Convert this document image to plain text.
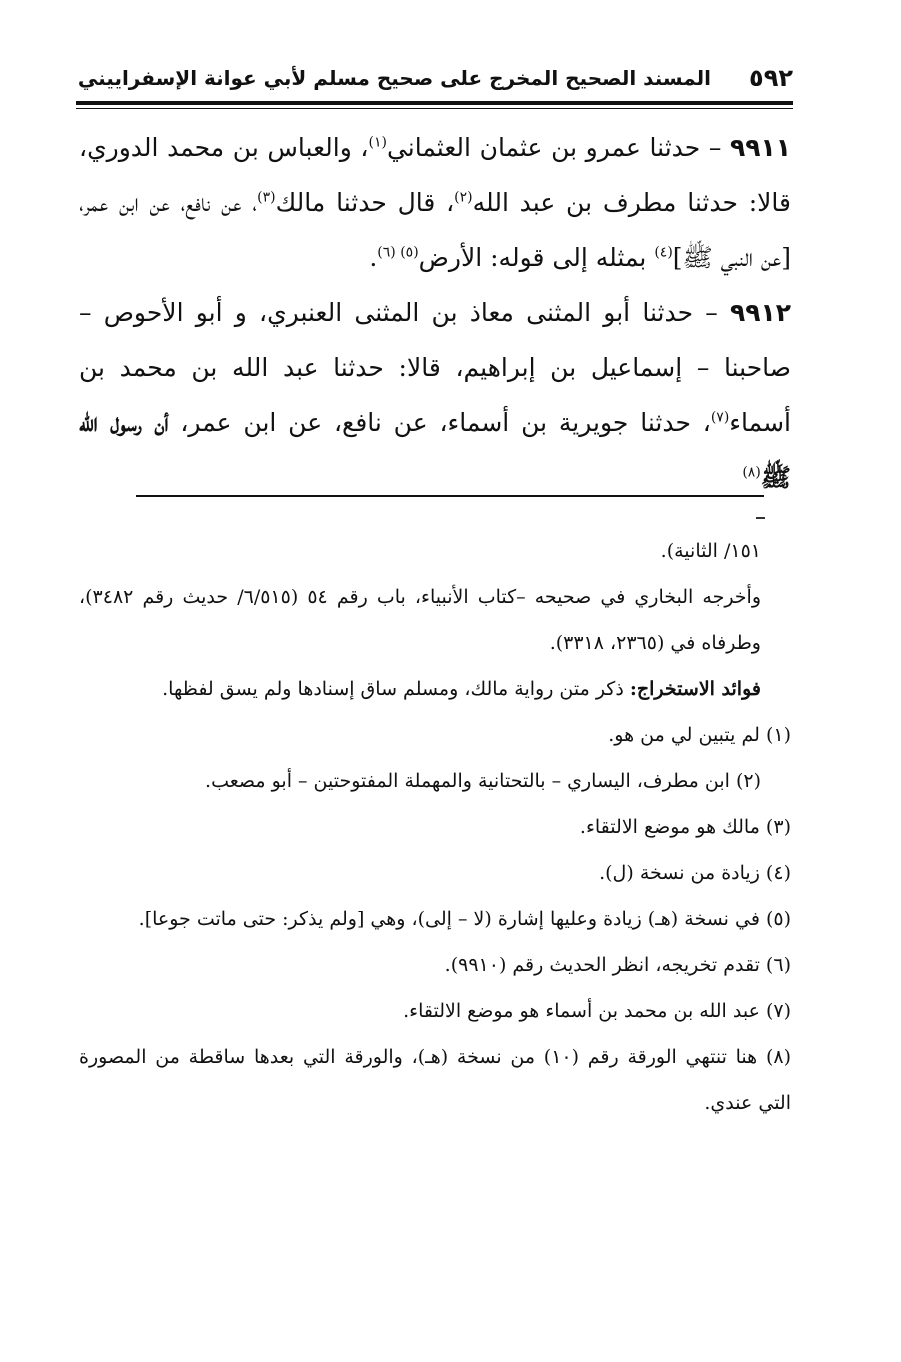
٥٩٢
المسند الصحيح المخرج على صحيح مسلم لأبي عوانة الإسفراييني

٩٩١١ – حدثنا عمرو بن عثمان العثماني$^{(١)}$، والعباس بن محمد الدوري، قالا: حدثنا مطرف بن عبد الله$^{(٢)}$، قال حدثنا مالك$^{(٣)}$، عن نافع، عن ابن عمر، [عن النبي ﷺ]$^{(٤)}$ بمثله إلى قوله: الأرض$^{(٥) (٦)}$.

٩٩١٢ – حدثنا أبو المثنى معاذ بن المثنى العنبري، و أبو الأحوص – صاحبنا – إسماعيل بن إبراهيم، قالا: حدثنا عبد الله بن محمد بن أسماء$^{(٧)}$، حدثنا جويرية بن أسماء، عن نافع، عن ابن عمر، أن رسول الله ﷺ$^{(٨)}$

١٥١/ الثانية).

وأخرجه البخاري في صحيحه –كتاب الأنبياء، باب رقم ٥٤ (٦/٥١٥/ حديث رقم ٣٤٨٢)، وطرفاه في (٢٣٦٥، ٣٣١٨).

فوائد الاستخراج: ذكر متن رواية مالك، ومسلم ساق إسنادها ولم يسق لفظها.

(١) لم يتبين لي من هو.

(٢) ابن مطرف، اليساري – بالتحتانية والمهملة المفتوحتين – أبو مصعب.

(٣) مالك هو موضع الالتقاء.

(٤) زيادة من نسخة (ل).

(٥) في نسخة (هـ) زيادة وعليها إشارة (لا – إلى)، وهي [ولم يذكر: حتى ماتت جوعا].

(٦) تقدم تخريجه، انظر الحديث رقم (٩٩١٠).

(٧) عبد الله بن محمد بن أسماء هو موضع الالتقاء.

(٨) هنا تنتهي الورقة رقم (١٠) من نسخة (هـ)، والورقة التي بعدها ساقطة من المصورة التي عندي.
